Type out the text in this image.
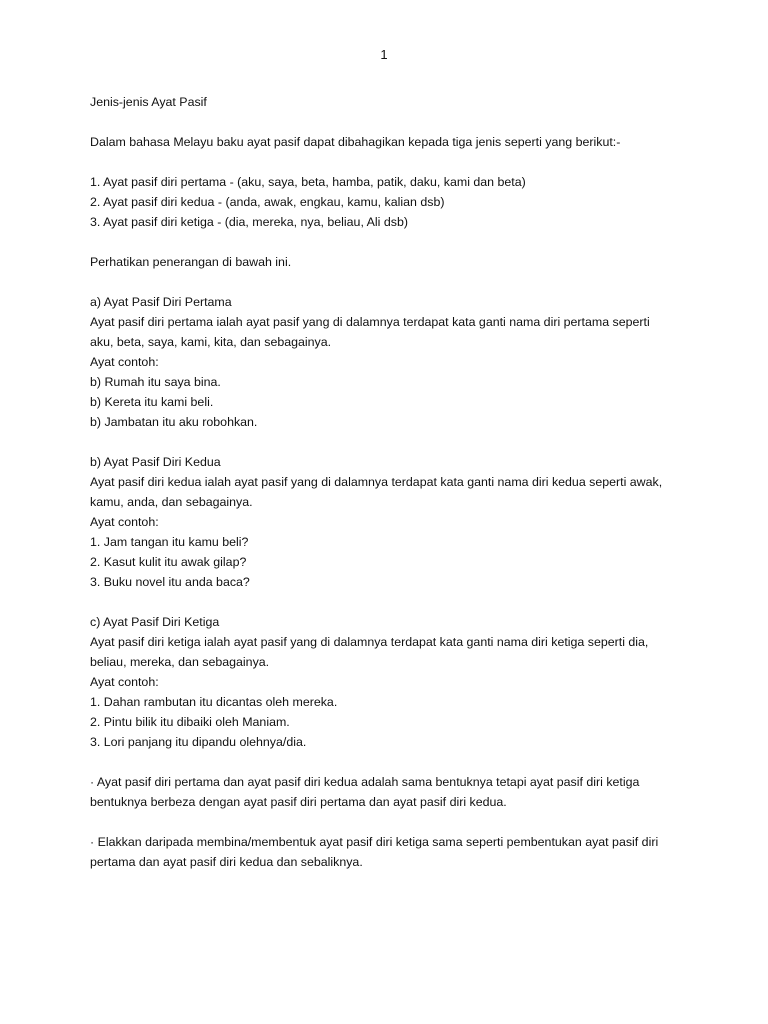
1
Jenis-jenis Ayat Pasif
Dalam bahasa Melayu baku ayat pasif dapat dibahagikan kepada tiga jenis seperti yang berikut:-
1. Ayat pasif diri pertama - (aku, saya, beta, hamba, patik, daku, kami dan beta)
2. Ayat pasif diri kedua - (anda, awak, engkau, kamu, kalian dsb)
3. Ayat pasif diri ketiga - (dia, mereka, nya, beliau, Ali dsb)
Perhatikan penerangan di bawah ini.
a) Ayat Pasif Diri Pertama
Ayat pasif diri pertama ialah ayat pasif yang di dalamnya terdapat kata ganti nama diri pertama seperti
aku, beta, saya, kami, kita, dan sebagainya.
Ayat contoh:
b) Rumah itu saya bina.
b) Kereta itu kami beli.
b) Jambatan itu aku robohkan.
b) Ayat Pasif Diri Kedua
Ayat pasif diri kedua ialah ayat pasif yang di dalamnya terdapat kata ganti nama diri kedua seperti awak,
kamu, anda, dan sebagainya.
Ayat contoh:
1. Jam tangan itu kamu beli?
2. Kasut kulit itu awak gilap?
3. Buku novel itu anda baca?
c) Ayat Pasif Diri Ketiga
Ayat pasif diri ketiga ialah ayat pasif yang di dalamnya terdapat kata ganti nama diri ketiga seperti dia,
beliau, mereka, dan sebagainya.
Ayat contoh:
1. Dahan rambutan itu dicantas oleh mereka.
2. Pintu bilik itu dibaiki oleh Maniam.
3. Lori panjang itu dipandu olehnya/dia.
· Ayat pasif diri pertama dan ayat pasif diri kedua adalah sama bentuknya tetapi ayat pasif diri ketiga
bentuknya berbeza dengan ayat pasif diri pertama dan ayat pasif diri kedua.
· Elakkan daripada membina/membentuk ayat pasif diri ketiga sama seperti pembentukan ayat pasif diri
pertama dan ayat pasif diri kedua dan sebaliknya.
